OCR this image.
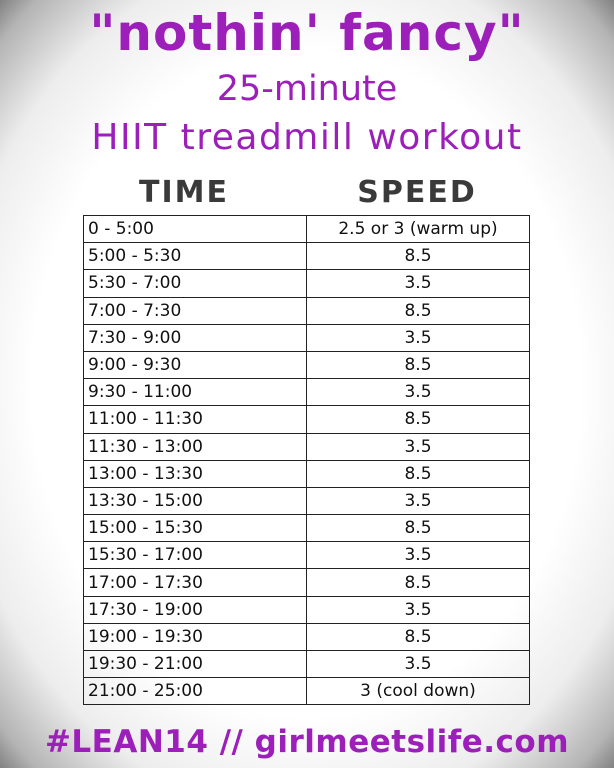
"nothin' fancy"
25-minute
HIIT treadmill workout
TIME	SPEED
0 - 5:00	2.5 or 3 (warm up)
5:00 - 5:30	8.5
5:30 - 7:00	3.5
7:00 - 7:30	8.5
7:30 - 9:00	3.5
9:00 - 9:30	8.5
9:30 - 11:00	3.5
11:00 - 11:30	8.5
11:30 - 13:00	3.5
13:00 - 13:30	8.5
13:30 - 15:00	3.5
15:00 - 15:30	8.5
15:30 - 17:00	3.5
17:00 - 17:30	8.5
17:30 - 19:00	3.5
19:00 - 19:30	8.5
19:30 - 21:00	3.5
21:00 - 25:00	3 (cool down)
#LEAN14 // girlmeetslife.com
